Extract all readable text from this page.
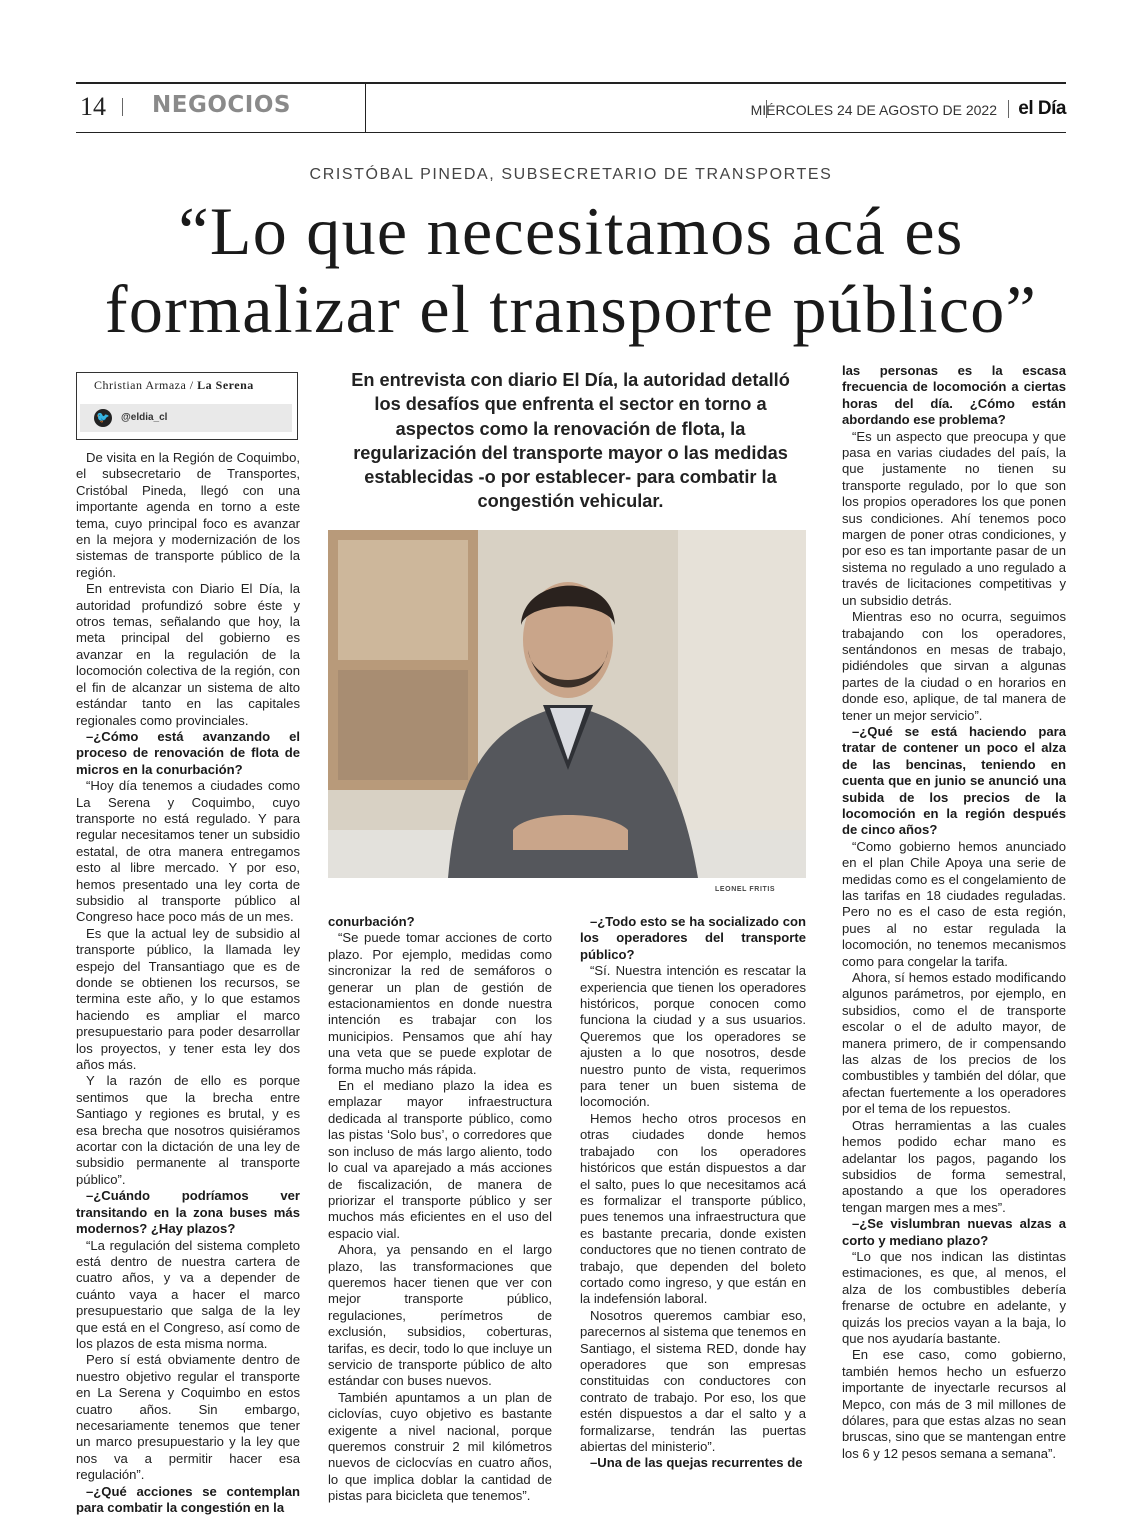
14 NEGOCIOS	MIÉRCOLES 24 DE AGOSTO DE 2022 el Día
CRISTÓBAL PINEDA, SUBSECRETARIO DE TRANSPORTES
“Lo que necesitamos acá es
formalizar el transporte público”
Christian Armaza / La Serena
🐦 @eldia_cl
En entrevista con diario El Día, la autoridad detalló los desafíos que enfrenta el sector en torno a aspectos como la renovación de flota, la regularización del transporte mayor o las medidas establecidas -o por establecer- para combatir la congestión vehicular.
LEONEL FRITIS

De visita en la Región de Coquimbo, el subsecretario de Transportes, Cristóbal Pineda, llegó con una importante agenda en torno a este tema, cuyo principal foco es avanzar en la mejora y modernización de los sistemas de transporte público de la región.

En entrevista con Diario El Día, la autoridad profundizó sobre éste y otros temas, señalando que hoy, la meta principal del gobierno es avanzar en la regulación de la locomoción colectiva de la región, con el fin de alcanzar un sistema de alto estándar tanto en las capitales regionales como provinciales.

–¿Cómo está avanzando el proceso de renovación de flota de micros en la conurbación?

“Hoy día tenemos a ciudades como La Serena y Coquimbo, cuyo transporte no está regulado. Y para regular necesitamos tener un subsidio estatal, de otra manera entregamos esto al libre mercado. Y por eso, hemos presentado una ley corta de subsidio al transporte público al Congreso hace poco más de un mes.

Es que la actual ley de subsidio al transporte público, la llamada ley espejo del Transantiago que es de donde se obtienen los recursos, se termina este año, y lo que estamos haciendo es ampliar el marco presupuestario para poder desarrollar los proyectos, y tener esta ley dos años más.

Y la razón de ello es porque sentimos que la brecha entre Santiago y regiones es brutal, y es esa brecha que nosotros quisiéramos acortar con la dictación de una ley de subsidio permanente al transporte público”.

–¿Cuándo podríamos ver transitando en la zona buses más modernos? ¿Hay plazos?

“La regulación del sistema completo está dentro de nuestra cartera de cuatro años, y va a depender de cuánto vaya a hacer el marco presupuestario que salga de la ley que está en el Congreso, así como de los plazos de esta misma norma.

Pero sí está obviamente dentro de nuestro objetivo regular el transporte en La Serena y Coquimbo en estos cuatro años. Sin embargo, necesariamente tenemos que tener un marco presupuestario y la ley que nos va a permitir hacer esa regulación”.

–¿Qué acciones se contemplan para combatir la congestión en la

conurbación?

“Se puede tomar acciones de corto plazo. Por ejemplo, medidas como sincronizar la red de semáforos o generar un plan de gestión de estacionamientos en donde nuestra intención es trabajar con los municipios. Pensamos que ahí hay una veta que se puede explotar de forma mucho más rápida.

En el mediano plazo la idea es emplazar mayor infraestructura dedicada al transporte público, como las pistas ‘Solo bus’, o corredores que son incluso de más largo aliento, todo lo cual va aparejado a más acciones de fiscalización, de manera de priorizar el transporte público y ser muchos más eficientes en el uso del espacio vial.

Ahora, ya pensando en el largo plazo, las transformaciones que queremos hacer tienen que ver con mejor transporte público, regulaciones, perímetros de exclusión, subsidios, coberturas, tarifas, es decir, todo lo que incluye un servicio de transporte público de alto estándar con buses nuevos.

También apuntamos a un plan de ciclovías, cuyo objetivo es bastante exigente a nivel nacional, porque queremos construir 2 mil kilómetros nuevos de ciclocvías en cuatro años, lo que implica doblar la cantidad de pistas para bicicleta que tenemos”.

–¿Todo esto se ha socializado con los operadores del transporte público?

“Sí. Nuestra intención es rescatar la experiencia que tienen los operadores históricos, porque conocen como funciona la ciudad y a sus usuarios. Queremos que los operadores se ajusten a lo que nosotros, desde nuestro punto de vista, requerimos para tener un buen sistema de locomoción.

Hemos hecho otros procesos en otras ciudades donde hemos trabajado con los operadores históricos que están dispuestos a dar el salto, pues lo que necesitamos acá es formalizar el transporte público, pues tenemos una infraestructura que es bastante precaria, donde existen conductores que no tienen contrato de trabajo, que dependen del boleto cortado como ingreso, y que están en la indefensión laboral.

Nosotros queremos cambiar eso, parecernos al sistema que tenemos en Santiago, el sistema RED, donde hay operadores que son empresas constituidas con conductores con contrato de trabajo. Por eso, los que estén dispuestos a dar el salto y a formalizarse, tendrán las puertas abiertas del ministerio”.

–Una de las quejas recurrentes de

las personas es la escasa frecuencia de locomoción a ciertas horas del día. ¿Cómo están abordando ese problema?

“Es un aspecto que preocupa y que pasa en varias ciudades del país, la que justamente no tienen su transporte regulado, por lo que son los propios operadores los que ponen sus condiciones. Ahí tenemos poco margen de poner otras condiciones, y por eso es tan importante pasar de un sistema no regulado a uno regulado a través de licitaciones competitivas y un subsidio detrás.

Mientras eso no ocurra, seguimos trabajando con los operadores, sentándonos en mesas de trabajo, pidiéndoles que sirvan a algunas partes de la ciudad o en horarios en donde eso, aplique, de tal manera de tener un mejor servicio”.

–¿Qué se está haciendo para tratar de contener un poco el alza de las bencinas, teniendo en cuenta que en junio se anunció una subida de los precios de la locomoción en la región después de cinco años?

“Como gobierno hemos anunciado en el plan Chile Apoya una serie de medidas como es el congelamiento de las tarifas en 18 ciudades reguladas. Pero no es el caso de esta región, pues al no estar regulada la locomoción, no tenemos mecanismos como para congelar la tarifa.

Ahora, sí hemos estado modificando algunos parámetros, por ejemplo, en subsidios, como el de transporte escolar o el de adulto mayor, de manera primero, de ir compensando las alzas de los precios de los combustibles y también del dólar, que afectan fuertemente a los operadores por el tema de los repuestos.

Otras herramientas a las cuales hemos podido echar mano es adelantar los pagos, pagando los subsidios de forma semestral, apostando a que los operadores tengan margen mes a mes”.

–¿Se vislumbran nuevas alzas a corto y mediano plazo?

“Lo que nos indican las distintas estimaciones, es que, al menos, el alza de los combustibles debería frenarse de octubre en adelante, y quizás los precios vayan a la baja, lo que nos ayudaría bastante.

En ese caso, como gobierno, también hemos hecho un esfuerzo importante de inyectarle recursos al Mepco, con más de 3 mil millones de dólares, para que estas alzas no sean bruscas, sino que se mantengan entre los 6 y 12 pesos semana a semana”.
